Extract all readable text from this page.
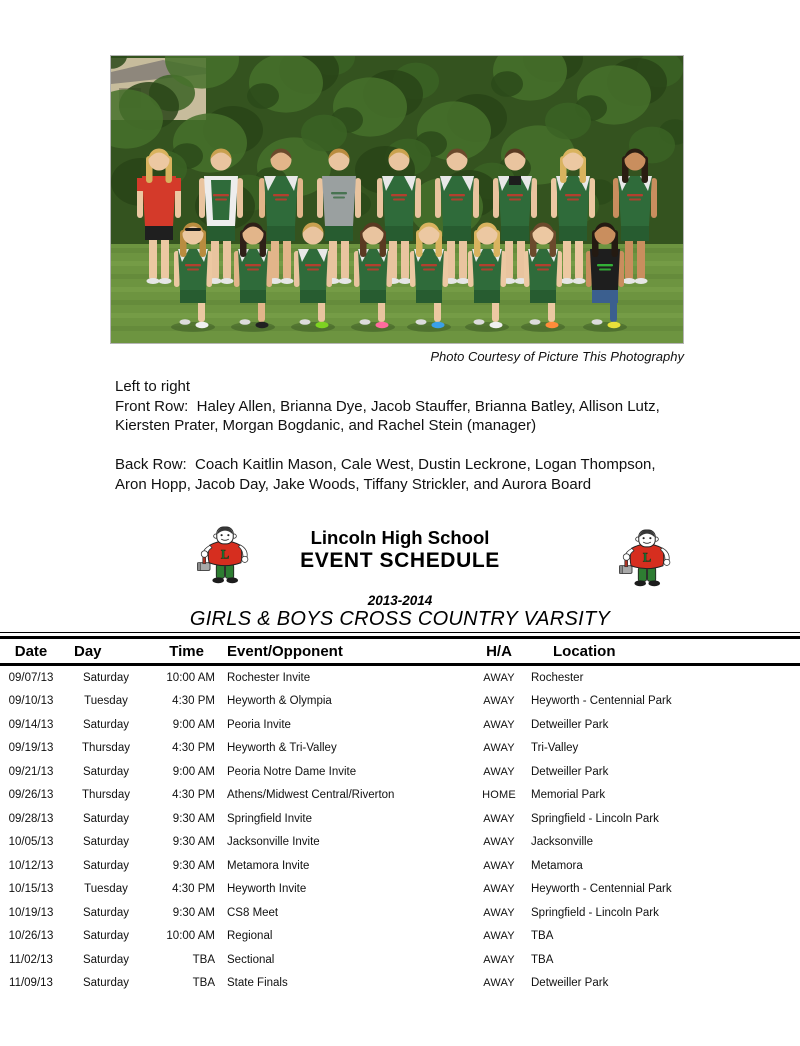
Photo Courtesy of Picture This Photography
Left to right
Front Row:  Haley Allen, Brianna Dye, Jacob Stauffer, Brianna Batley, Allison Lutz,
Kiersten Prater, Morgan Bogdanic, and Rachel Stein (manager)

Back Row:  Coach Kaitlin Mason, Cale West, Dustin Leckrone, Logan Thompson,
Aron Hopp, Jacob Day, Jake Woods, Tiffany Strickler, and Aurora Board
Lincoln High School
EVENT SCHEDULE
2013-2014
GIRLS & BOYS CROSS COUNTRY VARSITY
Date	Day	Time	Event/Opponent	H/A	Location
09/07/13	Saturday	10:00 AM	Rochester Invite	AWAY	Rochester
09/10/13	Tuesday	4:30 PM	Heyworth & Olympia	AWAY	Heyworth - Centennial Park
09/14/13	Saturday	9:00 AM	Peoria Invite	AWAY	Detweiller Park
09/19/13	Thursday	4:30 PM	Heyworth & Tri-Valley	AWAY	Tri-Valley
09/21/13	Saturday	9:00 AM	Peoria Notre Dame Invite	AWAY	Detweiller Park
09/26/13	Thursday	4:30 PM	Athens/Midwest Central/Riverton	HOME	Memorial Park
09/28/13	Saturday	9:30 AM	Springfield Invite	AWAY	Springfield - Lincoln Park
10/05/13	Saturday	9:30 AM	Jacksonville Invite	AWAY	Jacksonville
10/12/13	Saturday	9:30 AM	Metamora Invite	AWAY	Metamora
10/15/13	Tuesday	4:30 PM	Heyworth Invite	AWAY	Heyworth - Centennial Park
10/19/13	Saturday	9:30 AM	CS8 Meet	AWAY	Springfield - Lincoln Park
10/26/13	Saturday	10:00 AM	Regional	AWAY	TBA
11/02/13	Saturday	TBA	Sectional	AWAY	TBA
11/09/13	Saturday	TBA	State Finals	AWAY	Detweiller Park
